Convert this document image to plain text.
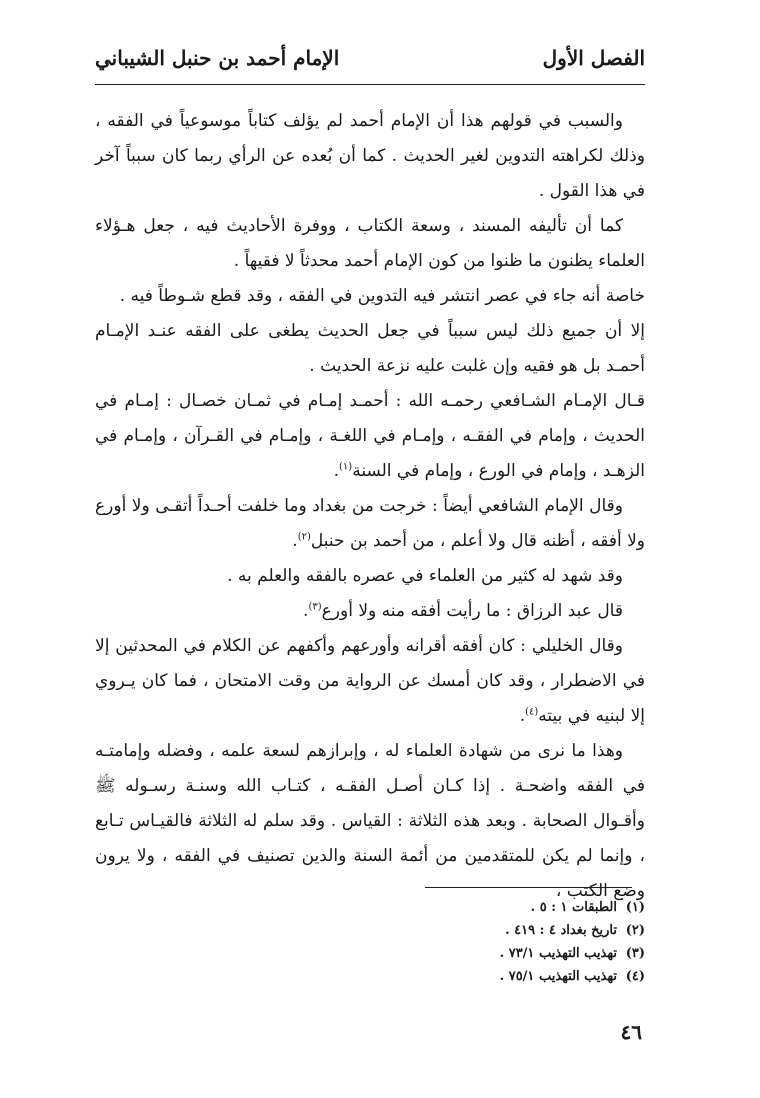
الفصل الأول
الإمام أحمد بن حنبل الشيباني

والسبب في قولهم هذا أن الإمام أحمد لم يؤلف كتاباً موسوعياً في الفقه ، وذلك لكراهته التدوين لغير الحديث . كما أن بُعده عن الرأي ربما كان سبباً آخر في هذا القول .

كما أن تأليفه المسند ، وسعة الكتاب ، ووفرة الأحاديث فيه ، جعل هـؤلاء العلماء يظنون ما ظنوا من كون الإمام أحمد محدثاً لا فقيهاً .

خاصة أنه جاء في عصر انتشر فيه التدوين في الفقه ، وقد قطع شـوطاً فيه .

إلا أن جميع ذلك ليس سبباً في جعل الحديث يطغى على الفقه عنـد الإمـام أحمـد بل هو فقيه وإن غلبت عليه نزعة الحديث .

قـال الإمـام الشـافعي رحمـه الله : أحمـد إمـام في ثمـان خصـال : إمـام في الحديث ، وإمام في الفقـه ، وإمـام في اللغـة ، وإمـام في القـرآن ، وإمـام في الزهـد ، وإمام في الورع ، وإمام في السنة$^{(١)}$.

وقال الإمام الشافعي أيضاً : خرجت من بغداد وما خلفت أحـداً أتقـى ولا أورع ولا أفقه ، أظنه قال ولا أعلم ، من أحمد بن حنبل$^{(٢)}$.

وقد شهد له كثير من العلماء في عصره بالفقه والعلم به .

قال عبد الرزاق : ما رأيت أفقه منه ولا أورع$^{(٣)}$.

وقال الخليلي : كان أفقه أقرانه وأورعهم وأكفهم عن الكلام في المحدثين إلا في الاضطرار ، وقد كان أمسك عن الرواية من وقت الامتحان ، فما كان يـروي إلا لبنيه في بيته$^{(٤)}$.

وهذا ما نرى من شهادة العلماء له ، وإبرازهم لسعة علمه ، وفضله وإمامتـه في الفقه واضحـة . إذا كـان أصـل الفقـه ، كتـاب الله وسنـة رسـوله ﷺ وأقـوال الصحابة . وبعد هذه الثلاثة : القياس . وقد سلم له الثلاثة فالقيـاس تـابع ، وإنما لم يكن للمتقدمين من أئمة السنة والدين تصنيف في الفقه ، ولا يرون وضع الكتب ،

(١)الطبقات ١ : ٥ .
(٢)تاريخ بغداد ٤ : ٤١٩ .
(٣)تهذيب التهذيب ٧٣/١ .
(٤)تهذيب التهذيب ٧٥/١ .
٤٦
